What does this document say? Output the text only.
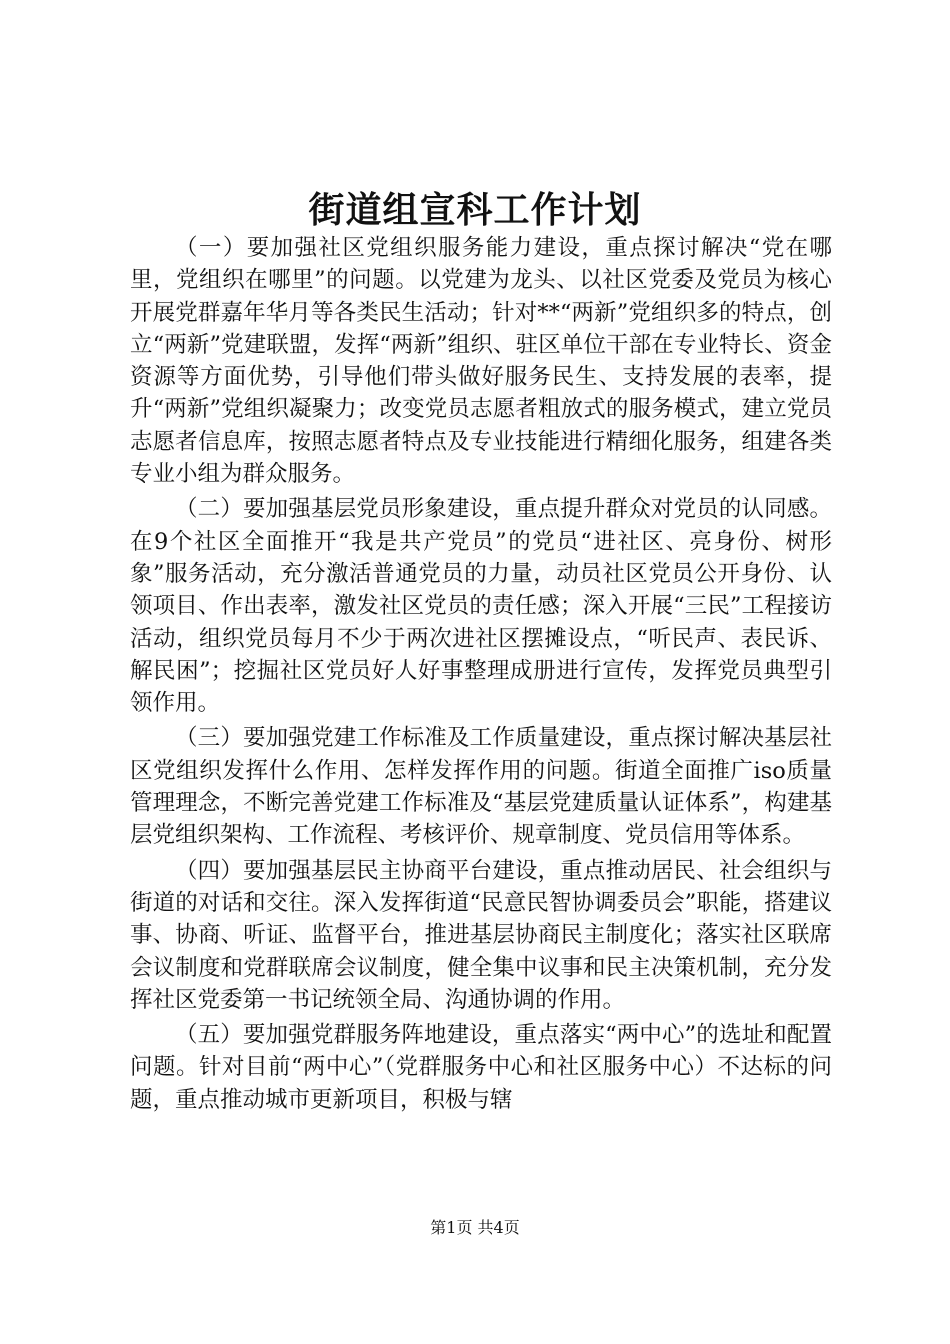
街道组宣科工作计划

（一）要加强社区党组织服务能力建设，重点探讨解决“党在哪里，党组织在哪里”的问题。以党建为龙头、以社区党委及党员为核心开展党群嘉年华月等各类民生活动；针对**“两新”党组织多的特点，创立“两新”党建联盟，发挥“两新”组织、驻区单位干部在专业特长、资金资源等方面优势，引导他们带头做好服务民生、支持发展的表率，提升“两新”党组织凝聚力；改变党员志愿者粗放式的服务模式，建立党员志愿者信息库，按照志愿者特点及专业技能进行精细化服务，组建各类专业小组为群众服务。

（二）要加强基层党员形象建设，重点提升群众对党员的认同感。在9个社区全面推开“我是共产党员”的党员“进社区、亮身份、树形象”服务活动，充分激活普通党员的力量，动员社区党员公开身份、认领项目、作出表率，激发社区党员的责任感；深入开展“三民”工程接访活动，组织党员每月不少于两次进社区摆摊设点，“听民声、表民诉、解民困”；挖掘社区党员好人好事整理成册进行宣传，发挥党员典型引领作用。

（三）要加强党建工作标准及工作质量建设，重点探讨解决基层社区党组织发挥什么作用、怎样发挥作用的问题。街道全面推广iso质量管理理念，不断完善党建工作标准及“基层党建质量认证体系”，构建基层党组织架构、工作流程、考核评价、规章制度、党员信用等体系。

（四）要加强基层民主协商平台建设，重点推动居民、社会组织与街道的对话和交往。深入发挥街道“民意民智协调委员会”职能，搭建议事、协商、听证、监督平台，推进基层协商民主制度化；落实社区联席会议制度和党群联席会议制度，健全集中议事和民主决策机制，充分发挥社区党委第一书记统领全局、沟通协调的作用。

（五）要加强党群服务阵地建设，重点落实“两中心”的选址和配置问题。针对目前“两中心”（党群服务中心和社区服务中心）不达标的问题，重点推动城市更新项目，积极与辖

第1页 共4页
